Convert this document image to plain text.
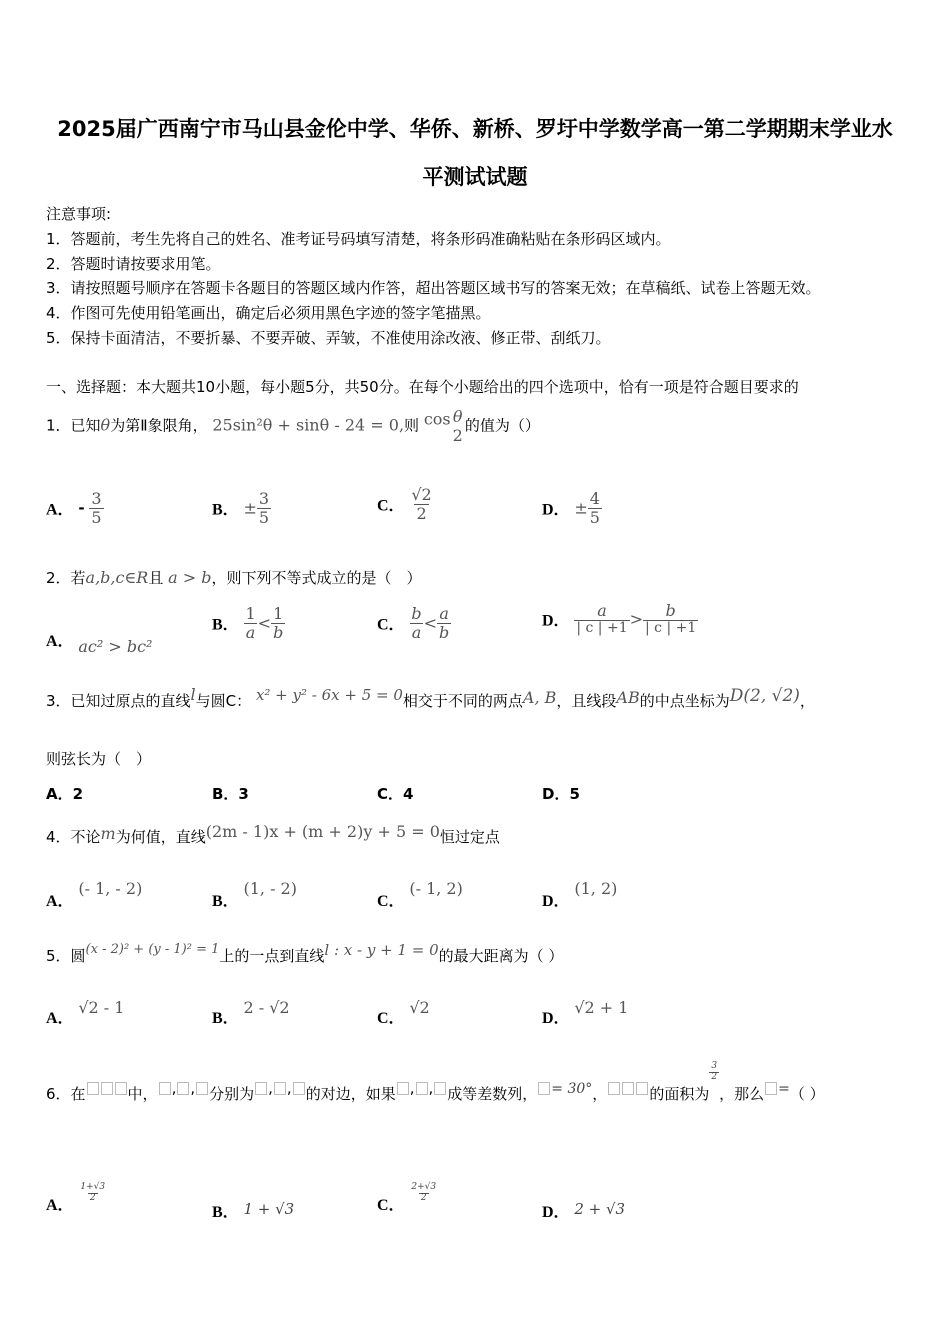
2025届广西南宁市马山县金伦中学、华侨、新桥、罗圩中学数学高一第二学期期末学业水
平测试试题
注意事项:
1．答题前，考生先将自己的姓名、准考证号码填写清楚，将条形码准确粘贴在条形码区域内。
2．答题时请按要求用笔。
3．请按照题号顺序在答题卡各题目的答题区域内作答，超出答题区域书写的答案无效；在草稿纸、试卷上答题无效。
4．作图可先使用铅笔画出，确定后必须用黑色字迹的签字笔描黑。
5．保持卡面清洁，不要折暴、不要弄破、弄皱，不准使用涂改液、修正带、刮纸刀。
一、选择题：本大题共10小题，每小题5分，共50分。在每个小题给出的四个选项中，恰有一项是符合题目要求的
1．已知θ为第Ⅱ象限角， 25sin²θ + sinθ - 24 = 0,则 cos θ
2 的值为（）
A． - $\frac{3}{5}$	B． ± $\frac{3}{5}$	C． $\frac{√2}{2}$	D． ± $\frac{4}{5}$
2．若a,b,c∈R且 a > b，则下列不等式成立的是（　）
A． ac² > bc²
B． $\frac{1}{a} < \frac{1}{b}$	C． $\frac{b}{a} < \frac{a}{b}$	D． $\frac{a}{| c | +1} > \frac{b}{| c | +1}$
3．已知过原点的直线l与圆C： x² + y² - 6x + 5 = 0相交于不同的两点A, B，且线段AB的中点坐标为D(2, √2)，
则弦长为（　）
A．2	B．3	C．4	D．5
4．不论m为何值，直线(2m - 1)x + (m + 2)y + 5 = 0恒过定点
A． (- 1, - 2)
B． (1, - 2)
C． (- 1, 2)
D． (1, 2)
5．圆(x - 2)² + (y - 1)² = 1上的一点到直线l : x - y + 1 = 0的最大距离为（ ）
A． √2 - 1
B． 2 - √2
C． √2
D． √2 + 1
6．在	中， , , 分别为 , , 的对边，如果 , , 成等差数列， = 30°，	的面积为
$\frac{3}{2}$
，那么 =（ ）
A．
$\frac{1+√3}{2}$
B． 1 + √3	C．
$\frac{2+√3}{2}$
D． 2 + √3
